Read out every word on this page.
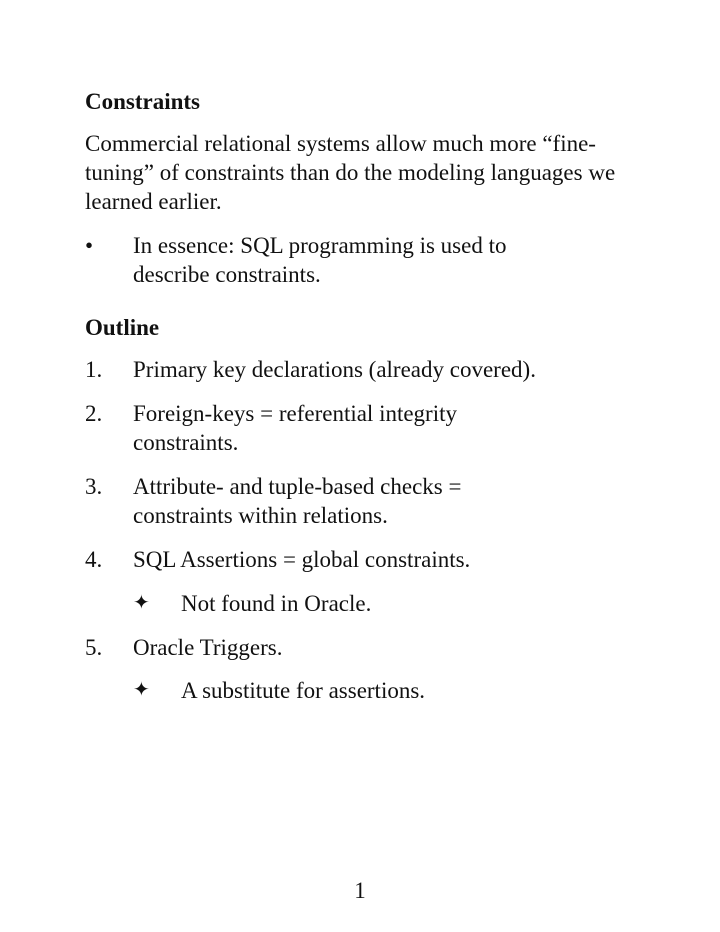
Constraints

Commercial relational systems allow much more “fine-tuning” of constraints than do the modeling languages we learned earlier.

•	In essence: SQL programming is used to describe constraints.
Outline
1.	Primary key declarations (already covered).
2.	Foreign-keys = referential integrity constraints.
3.	Attribute- and tuple-based checks = constraints within relations.
4.	SQL Assertions = global constraints.
✦	Not found in Oracle.
5.	Oracle Triggers.
✦	A substitute for assertions.
1
